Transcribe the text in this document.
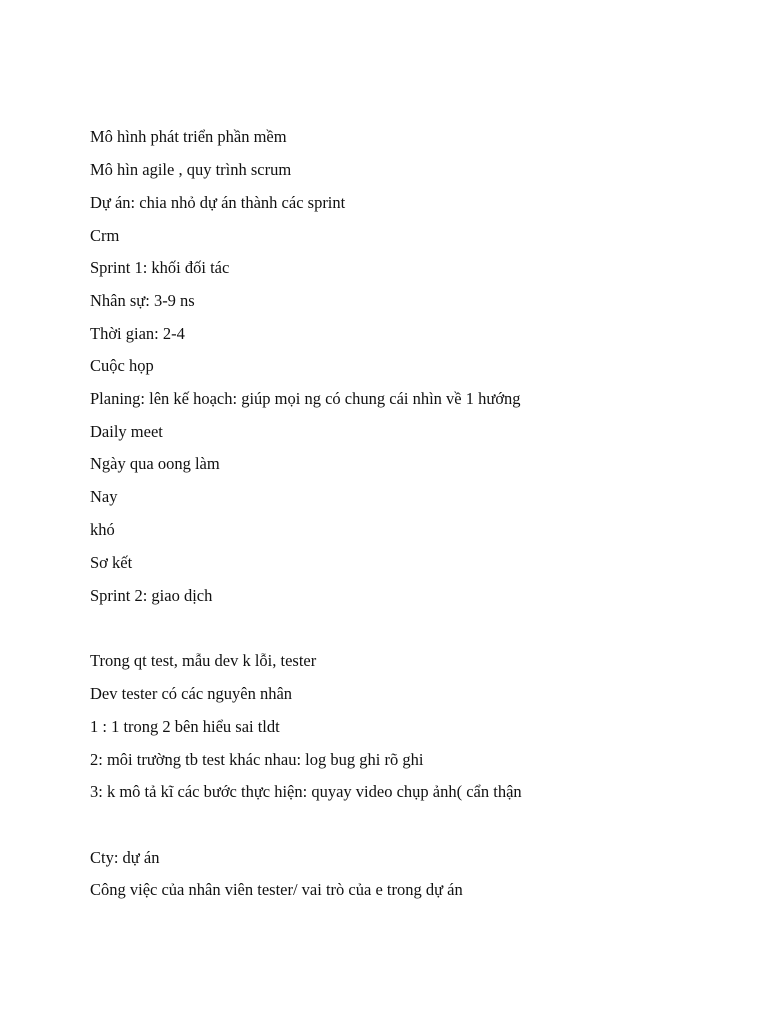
Mô hình phát triển phần mềm

Mô hìn agile , quy trình scrum

Dự án: chia nhỏ dự án thành các sprint

Crm

Sprint 1: khối đối tác

Nhân sự: 3-9 ns

Thời gian: 2-4

Cuộc họp

Planing: lên kế hoạch: giúp mọi ng có chung cái nhìn về 1 hướng

Daily meet

Ngày qua oong làm

Nay

khó

Sơ kết

Sprint 2: giao dịch

Trong qt test, mẫu dev k lỗi, tester

Dev tester có các nguyên nhân

1 : 1 trong 2 bên hiểu sai tldt

2: môi trường tb test khác nhau: log bug ghi rõ ghi

3: k mô tả kĩ các bước thực hiện: quyay video chụp ảnh( cẩn thận

Cty: dự án

Công việc của nhân viên tester/ vai trò của e trong dự án
